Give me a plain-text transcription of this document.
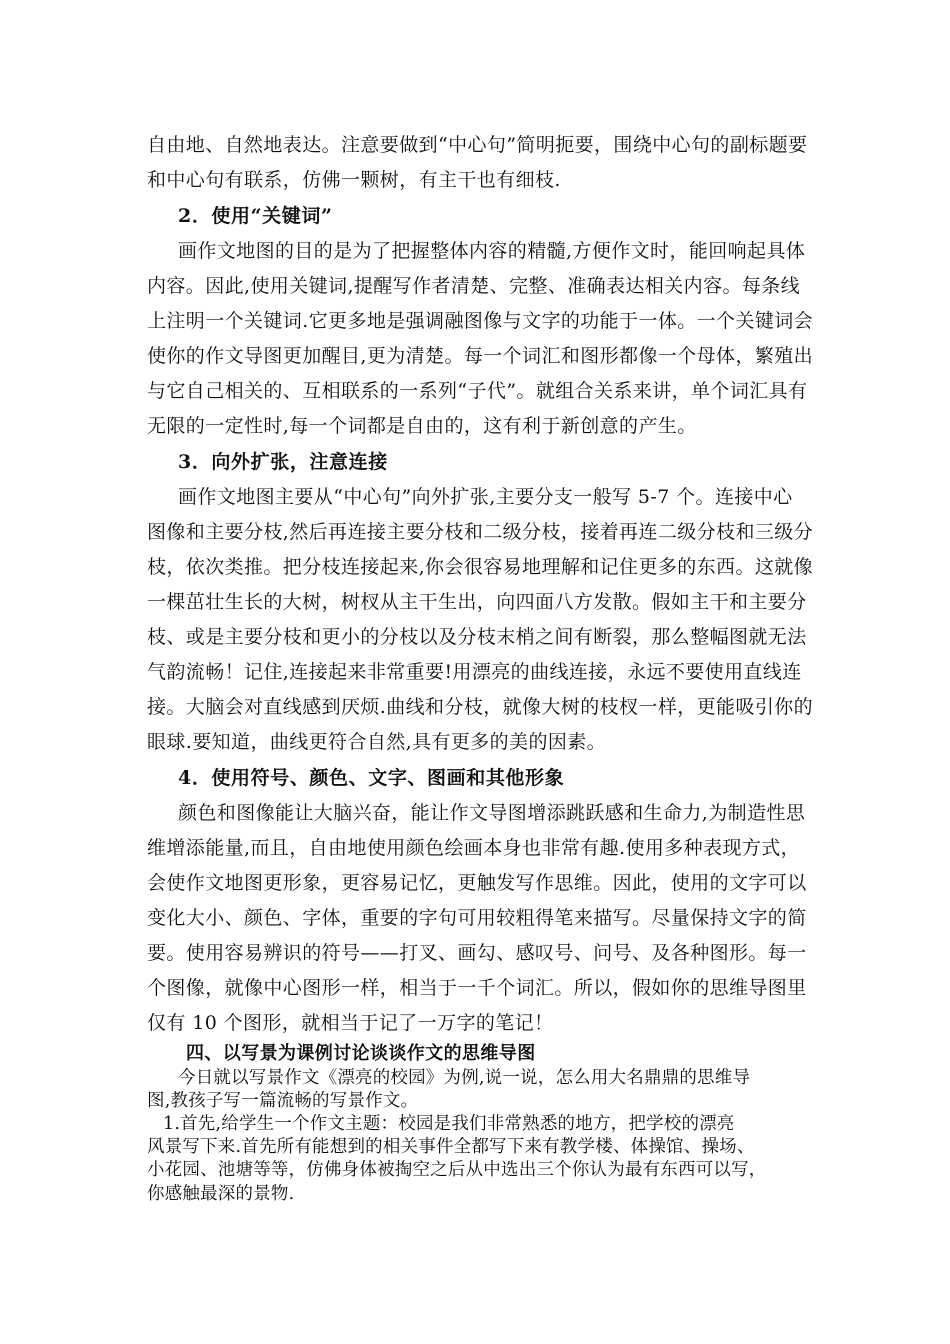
自由地、自然地表达。注意要做到“中心句”简明扼要，围绕中心句的副标题要

和中心句有联系，仿佛一颗树，有主干也有细枝.

2．使用“关键词”

画作文地图的目的是为了把握整体内容的精髓,方便作文时，能回响起具体

内容。因此,使用关键词,提醒写作者清楚、完整、准确表达相关内容。每条线

上注明一个关键词.它更多地是强调融图像与文字的功能于一体。一个关键词会

使你的作文导图更加醒目,更为清楚。每一个词汇和图形都像一个母体，繁殖出

与它自己相关的、互相联系的一系列“子代”。就组合关系来讲，单个词汇具有

无限的一定性时,每一个词都是自由的，这有利于新创意的产生。

3．向外扩张，注意连接

画作文地图主要从“中心句”向外扩张,主要分支一般写 5-7 个。连接中心

图像和主要分枝,然后再连接主要分枝和二级分枝，接着再连二级分枝和三级分

枝，依次类推。把分枝连接起来,你会很容易地理解和记住更多的东西。这就像

一棵茁壮生长的大树，树杈从主干生出，向四面八方发散。假如主干和主要分

枝、或是主要分枝和更小的分枝以及分枝末梢之间有断裂，那么整幅图就无法

气韵流畅！记住,连接起来非常重要!用漂亮的曲线连接，永远不要使用直线连

接。大脑会对直线感到厌烦.曲线和分枝，就像大树的枝杈一样，更能吸引你的

眼球.要知道，曲线更符合自然,具有更多的美的因素。

4．使用符号、颜色、文字、图画和其他形象

颜色和图像能让大脑兴奋，能让作文导图增添跳跃感和生命力,为制造性思

维增添能量,而且，自由地使用颜色绘画本身也非常有趣.使用多种表现方式，

会使作文地图更形象，更容易记忆，更触发写作思维。因此，使用的文字可以

变化大小、颜色、字体，重要的字句可用较粗得笔来描写。尽量保持文字的简

要。使用容易辨识的符号——打叉、画勾、感叹号、问号、及各种图形。每一

个图像，就像中心图形一样，相当于一千个词汇。所以，假如你的思维导图里

仅有 10 个图形，就相当于记了一万字的笔记！

四、以写景为课例讨论谈谈作文的思维导图

今日就以写景作文《漂亮的校园》为例,说一说，怎么用大名鼎鼎的思维导

图,教孩子写一篇流畅的写景作文。

1.首先,给学生一个作文主题：校园是我们非常熟悉的地方，把学校的漂亮

风景写下来.首先所有能想到的相关事件全都写下来有教学楼、体操馆、操场、

小花园、池塘等等，仿佛身体被掏空之后从中选出三个你认为最有东西可以写，

你感触最深的景物.
